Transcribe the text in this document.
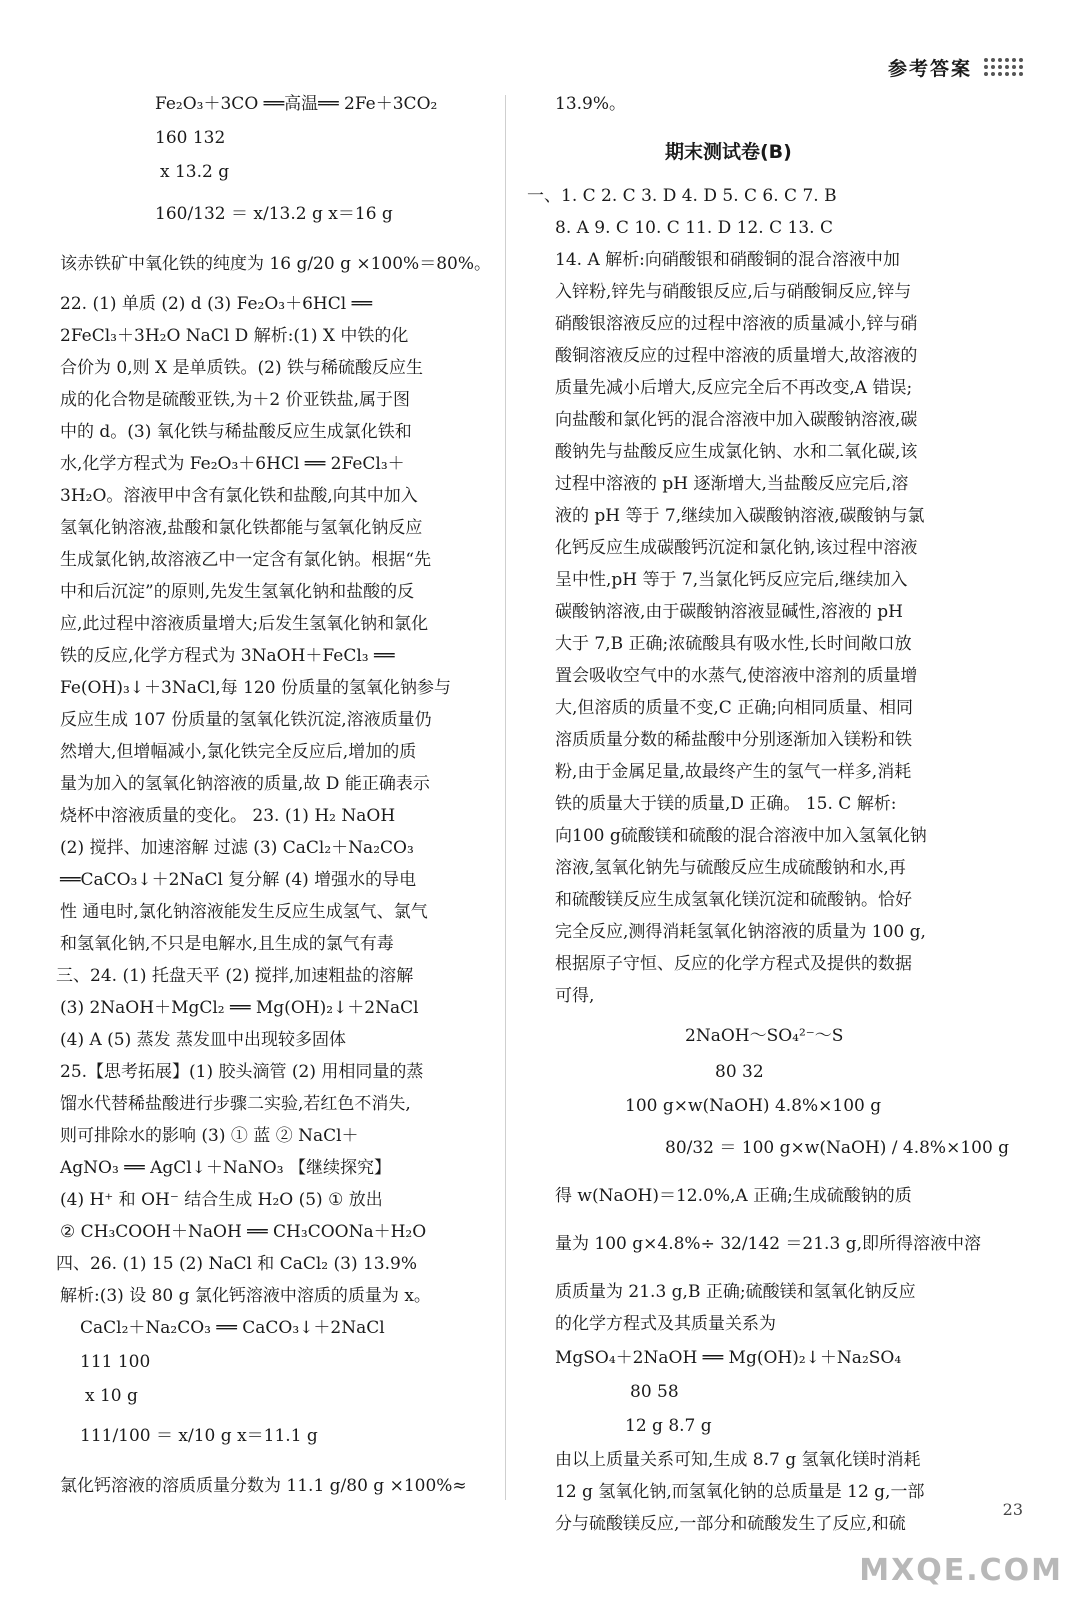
参考答案
Fe₂O₃＋3CO ══高温══ 2Fe＋3CO₂
160 132
x 13.2 g
160/132 ＝ x/13.2 g x＝16 g
该赤铁矿中氧化铁的纯度为 16 g/20 g ×100%＝80%。
22. (1) 单质 (2) d (3) Fe₂O₃＋6HCl ══
2FeCl₃＋3H₂O NaCl D 解析:(1) X 中铁的化
合价为 0,则 X 是单质铁。(2) 铁与稀硫酸反应生
成的化合物是硫酸亚铁,为＋2 价亚铁盐,属于图
中的 d。(3) 氧化铁与稀盐酸反应生成氯化铁和
水,化学方程式为 Fe₂O₃＋6HCl ══ 2FeCl₃＋
3H₂O。溶液甲中含有氯化铁和盐酸,向其中加入
氢氧化钠溶液,盐酸和氯化铁都能与氢氧化钠反应
生成氯化钠,故溶液乙中一定含有氯化钠。根据“先
中和后沉淀”的原则,先发生氢氧化钠和盐酸的反
应,此过程中溶液质量增大;后发生氢氧化钠和氯化
铁的反应,化学方程式为 3NaOH＋FeCl₃ ══
Fe(OH)₃↓＋3NaCl,每 120 份质量的氢氧化钠参与
反应生成 107 份质量的氢氧化铁沉淀,溶液质量仍
然增大,但增幅减小,氯化铁完全反应后,增加的质
量为加入的氢氧化钠溶液的质量,故 D 能正确表示
烧杯中溶液质量的变化。 23. (1) H₂ NaOH
(2) 搅拌、加速溶解 过滤 (3) CaCl₂＋Na₂CO₃
══CaCO₃↓＋2NaCl 复分解 (4) 增强水的导电
性 通电时,氯化钠溶液能发生反应生成氢气、氯气
和氢氧化钠,不只是电解水,且生成的氯气有毒
三、24. (1) 托盘天平 (2) 搅拌,加速粗盐的溶解
(3) 2NaOH＋MgCl₂ ══ Mg(OH)₂↓＋2NaCl
(4) A (5) 蒸发 蒸发皿中出现较多固体
25.【思考拓展】(1) 胶头滴管 (2) 用相同量的蒸
馏水代替稀盐酸进行步骤二实验,若红色不消失,
则可排除水的影响 (3) ① 蓝 ② NaCl＋
AgNO₃ ══ AgCl↓＋NaNO₃ 【继续探究】
(4) H⁺ 和 OH⁻ 结合生成 H₂O (5) ① 放出
② CH₃COOH＋NaOH ══ CH₃COONa＋H₂O
四、26. (1) 15 (2) NaCl 和 CaCl₂ (3) 13.9%
解析:(3) 设 80 g 氯化钙溶液中溶质的质量为 x。
CaCl₂＋Na₂CO₃ ══ CaCO₃↓＋2NaCl
111 100
x 10 g
111/100 ＝ x/10 g x＝11.1 g
氯化钙溶液的溶质质量分数为 11.1 g/80 g ×100%≈
13.9%。
期末测试卷(B)
一、1. C 2. C 3. D 4. D 5. C 6. C 7. B
8. A 9. C 10. C 11. D 12. C 13. C
14. A 解析:向硝酸银和硝酸铜的混合溶液中加
入锌粉,锌先与硝酸银反应,后与硝酸铜反应,锌与
硝酸银溶液反应的过程中溶液的质量减小,锌与硝
酸铜溶液反应的过程中溶液的质量增大,故溶液的
质量先减小后增大,反应完全后不再改变,A 错误;
向盐酸和氯化钙的混合溶液中加入碳酸钠溶液,碳
酸钠先与盐酸反应生成氯化钠、水和二氧化碳,该
过程中溶液的 pH 逐渐增大,当盐酸反应完后,溶
液的 pH 等于 7,继续加入碳酸钠溶液,碳酸钠与氯
化钙反应生成碳酸钙沉淀和氯化钠,该过程中溶液
呈中性,pH 等于 7,当氯化钙反应完后,继续加入
碳酸钠溶液,由于碳酸钠溶液显碱性,溶液的 pH
大于 7,B 正确;浓硫酸具有吸水性,长时间敞口放
置会吸收空气中的水蒸气,使溶液中溶剂的质量增
大,但溶质的质量不变,C 正确;向相同质量、相同
溶质质量分数的稀盐酸中分别逐渐加入镁粉和铁
粉,由于金属足量,故最终产生的氢气一样多,消耗
铁的质量大于镁的质量,D 正确。 15. C 解析:
向100 g硫酸镁和硫酸的混合溶液中加入氢氧化钠
溶液,氢氧化钠先与硫酸反应生成硫酸钠和水,再
和硫酸镁反应生成氢氧化镁沉淀和硫酸钠。恰好
完全反应,测得消耗氢氧化钠溶液的质量为 100 g,
根据原子守恒、反应的化学方程式及提供的数据
可得,
2NaOH～SO₄²⁻～S
80 32
100 g×w(NaOH) 4.8%×100 g
80/32 ＝ 100 g×w(NaOH) / 4.8%×100 g
得 w(NaOH)＝12.0%,A 正确;生成硫酸钠的质
量为 100 g×4.8%÷ 32/142 ＝21.3 g,即所得溶液中溶
质质量为 21.3 g,B 正确;硫酸镁和氢氧化钠反应
的化学方程式及其质量关系为
MgSO₄＋2NaOH ══ Mg(OH)₂↓＋Na₂SO₄
80 58
12 g 8.7 g
由以上质量关系可知,生成 8.7 g 氢氧化镁时消耗
12 g 氢氧化钠,而氢氧化钠的总质量是 12 g,一部
分与硫酸镁反应,一部分和硫酸发生了反应,和硫
23
MXQE.COM
